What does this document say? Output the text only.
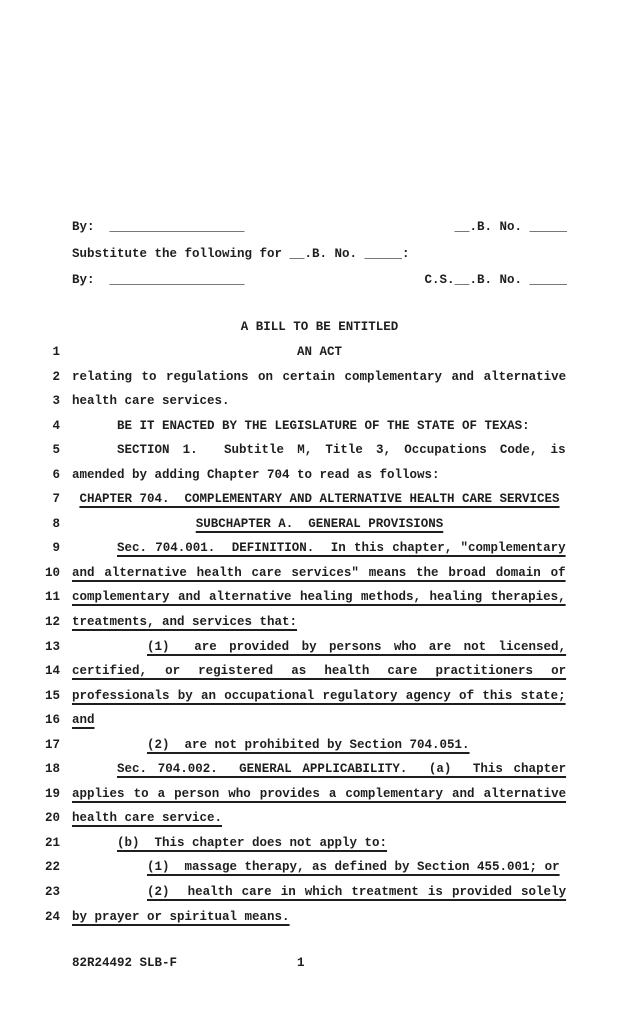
By:  __________________	__.B. No. _____
Substitute the following for __.B. No. _____:
By:  __________________	C.S.__.B. No. _____
A BILL TO BE ENTITLED
1	AN ACT
2 relating to regulations on certain complementary and alternative
3 health care services.
4	BE IT ENACTED BY THE LEGISLATURE OF THE STATE OF TEXAS:
5	SECTION 1.  Subtitle M, Title 3, Occupations Code, is
6 amended by adding Chapter 704 to read as follows:
7	CHAPTER 704.  COMPLEMENTARY AND ALTERNATIVE HEALTH CARE SERVICES
8	SUBCHAPTER A.  GENERAL PROVISIONS
9	Sec. 704.001.  DEFINITION.  In this chapter, "complementary
10 and alternative health care services" means the broad domain of
11 complementary and alternative healing methods, healing therapies,
12 treatments, and services that:
13	(1)  are provided by persons who are not licensed,
14 certified, or registered as health care practitioners or
15 professionals by an occupational regulatory agency of this state;
16 and
17	(2)  are not prohibited by Section 704.051.
18	Sec. 704.002.  GENERAL APPLICABILITY.  (a)  This chapter
19 applies to a person who provides a complementary and alternative
20 health care service.
21	(b)  This chapter does not apply to:
22	(1)  massage therapy, as defined by Section 455.001; or
23	(2)  health care in which treatment is provided solely
24 by prayer or spiritual means.
82R24492 SLB-F	1
